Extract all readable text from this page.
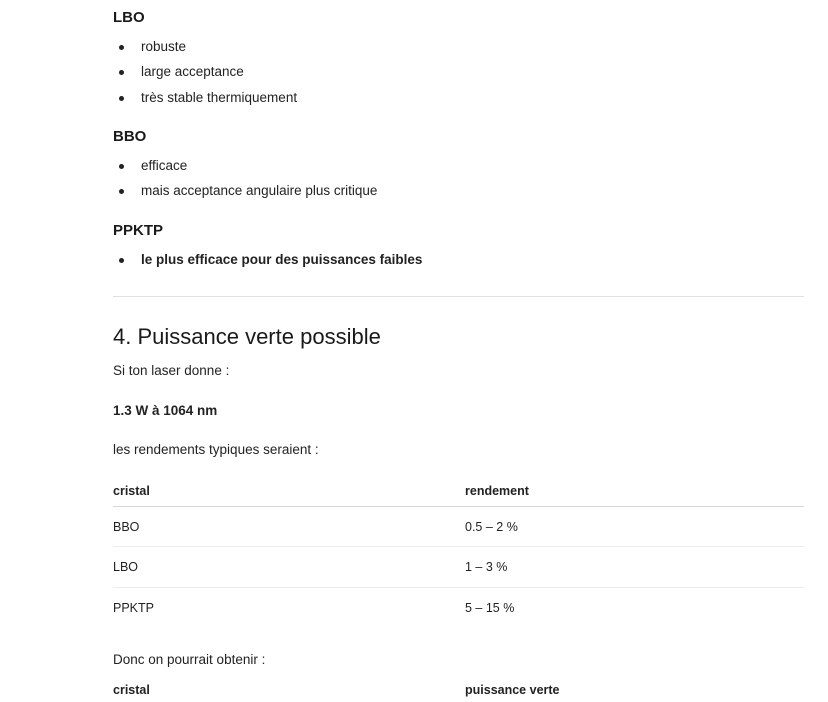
LBO
robuste
large acceptance
très stable thermiquement
BBO
efficace
mais acceptance angulaire plus critique
PPKTP
le plus efficace pour des puissances faibles
4. Puissance verte possible
Si ton laser donne :
1.3 W à 1064 nm
les rendements typiques seraient :
cristal	rendement
BBO	0.5 – 2 %
LBO	1 – 3 %
PPKTP	5 – 15 %
Donc on pourrait obtenir :
cristal	puissance verte
